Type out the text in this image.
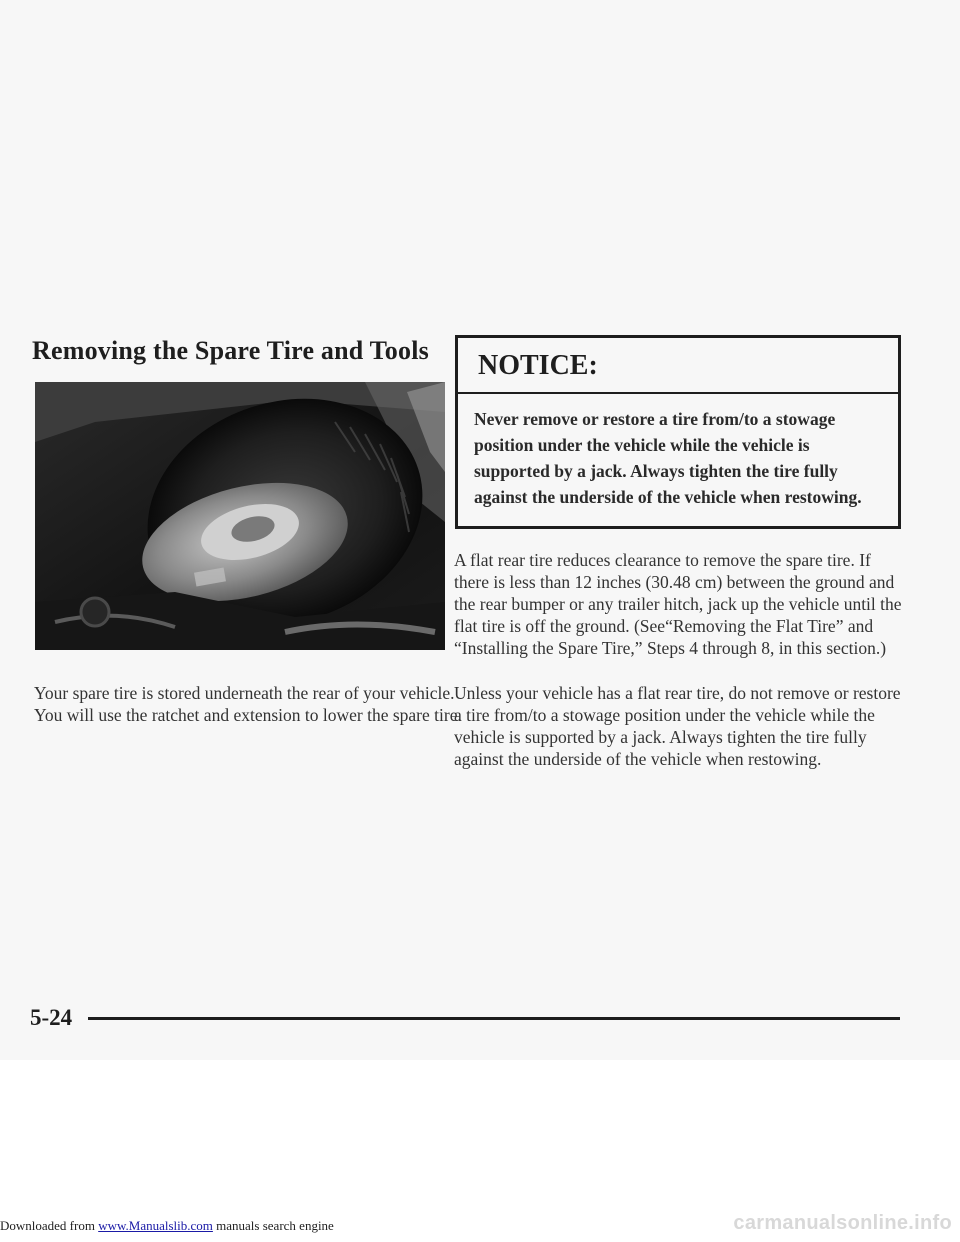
Removing the Spare Tire and Tools

Your spare tire is stored underneath the rear of your vehicle. You will use the ratchet and extension to lower the spare tire.

NOTICE:

Never remove or restore a tire from/to a stowage position under the vehicle while the vehicle is supported by a jack. Always tighten the tire fully against the underside of the vehicle when restowing.

A flat rear tire reduces clearance to remove the spare tire. If there is less than 12 inches (30.48 cm) between the ground and the rear bumper or any trailer hitch, jack up the vehicle until the flat tire is off the ground. (See“Removing the Flat Tire” and “Installing the Spare Tire,” Steps 4 through 8, in this section.)

Unless your vehicle has a flat rear tire, do not remove or restore a tire from/to a stowage position under the vehicle while the vehicle is supported by a jack. Always tighten the tire fully against the underside of the vehicle when restowing.

5-24
Downloaded from www.Manualslib.com manuals search engine	carmanualsonline.info
